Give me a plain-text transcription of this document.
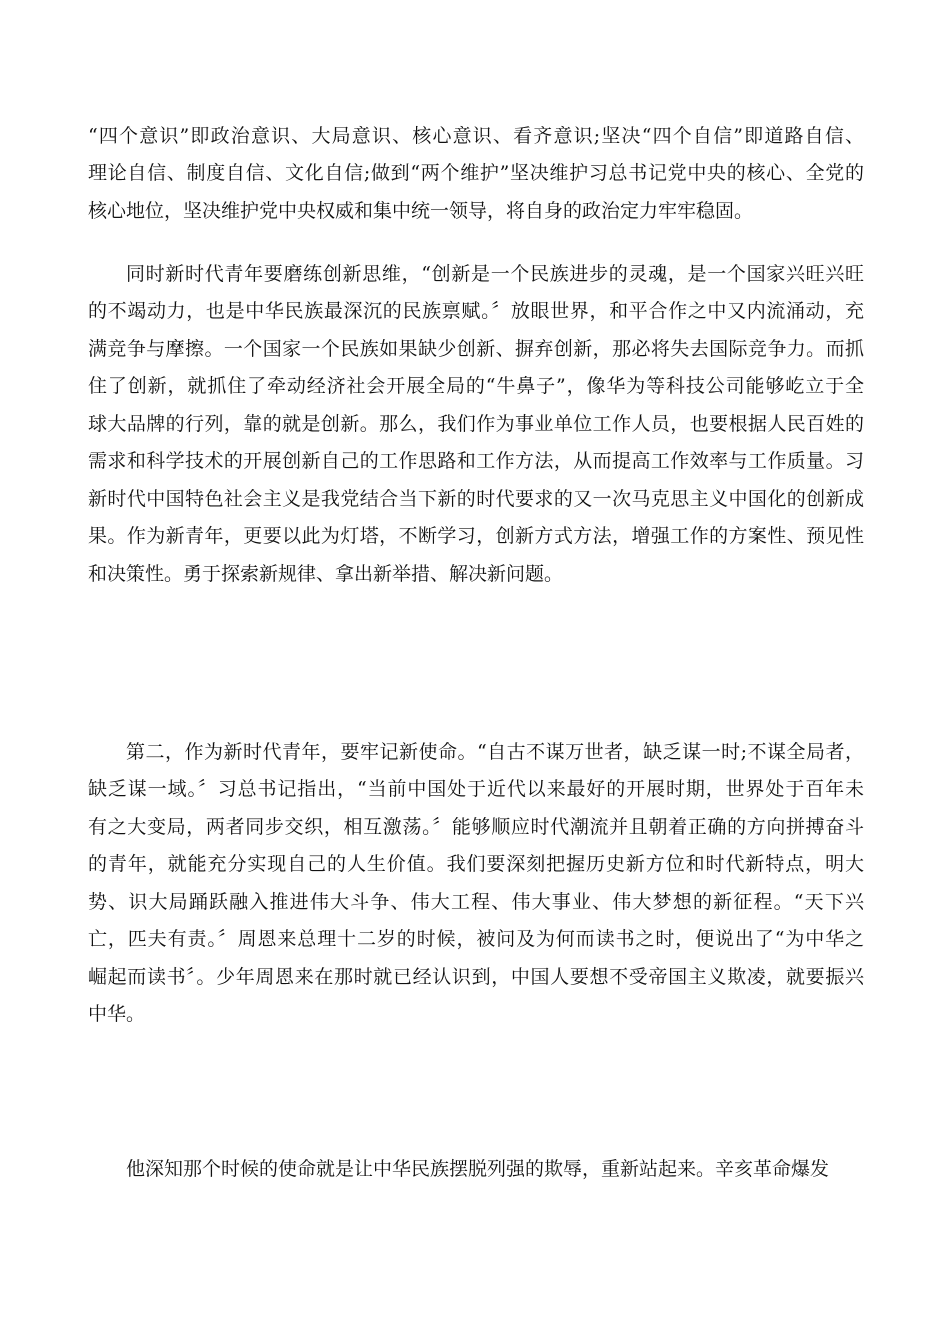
“四个意识”即政治意识、大局意识、核心意识、看齐意识;坚决“四个自信”即道路自信、
理论自信、制度自信、文化自信;做到“两个维护”坚决维护习总书记党中央的核心、全党的
核心地位，坚决维护党中央权威和集中统一领导，将自身的政治定力牢牢稳固。
同时新时代青年要磨练创新思维，“创新是一个民族进步的灵魂，是一个国家兴旺兴旺
的不竭动力，也是中华民族最深沉的民族禀赋。〞放眼世界，和平合作之中又内流涌动，充
满竞争与摩擦。一个国家一个民族如果缺少创新、摒弃创新，那必将失去国际竞争力。而抓
住了创新，就抓住了牵动经济社会开展全局的“牛鼻子”，像华为等科技公司能够屹立于全
球大品牌的行列，靠的就是创新。那么，我们作为事业单位工作人员，也要根据人民百姓的
需求和科学技术的开展创新自己的工作思路和工作方法，从而提高工作效率与工作质量。习
新时代中国特色社会主义是我党结合当下新的时代要求的又一次马克思主义中国化的创新成
果。作为新青年，更要以此为灯塔，不断学习，创新方式方法，增强工作的方案性、预见性
和决策性。勇于探索新规律、拿出新举措、解决新问题。
第二，作为新时代青年，要牢记新使命。“自古不谋万世者，缺乏谋一时;不谋全局者，
缺乏谋一域。〞习总书记指出，“当前中国处于近代以来最好的开展时期，世界处于百年未
有之大变局，两者同步交织，相互激荡。〞能够顺应时代潮流并且朝着正确的方向拼搏奋斗
的青年，就能充分实现自己的人生价值。我们要深刻把握历史新方位和时代新特点，明大
势、识大局踊跃融入推进伟大斗争、伟大工程、伟大事业、伟大梦想的新征程。“天下兴
亡，匹夫有责。〞周恩来总理十二岁的时候，被问及为何而读书之时，便说出了“为中华之
崛起而读书〞。少年周恩来在那时就已经认识到，中国人要想不受帝国主义欺凌，就要振兴
中华。
他深知那个时候的使命就是让中华民族摆脱列强的欺辱，重新站起来。辛亥革命爆发
